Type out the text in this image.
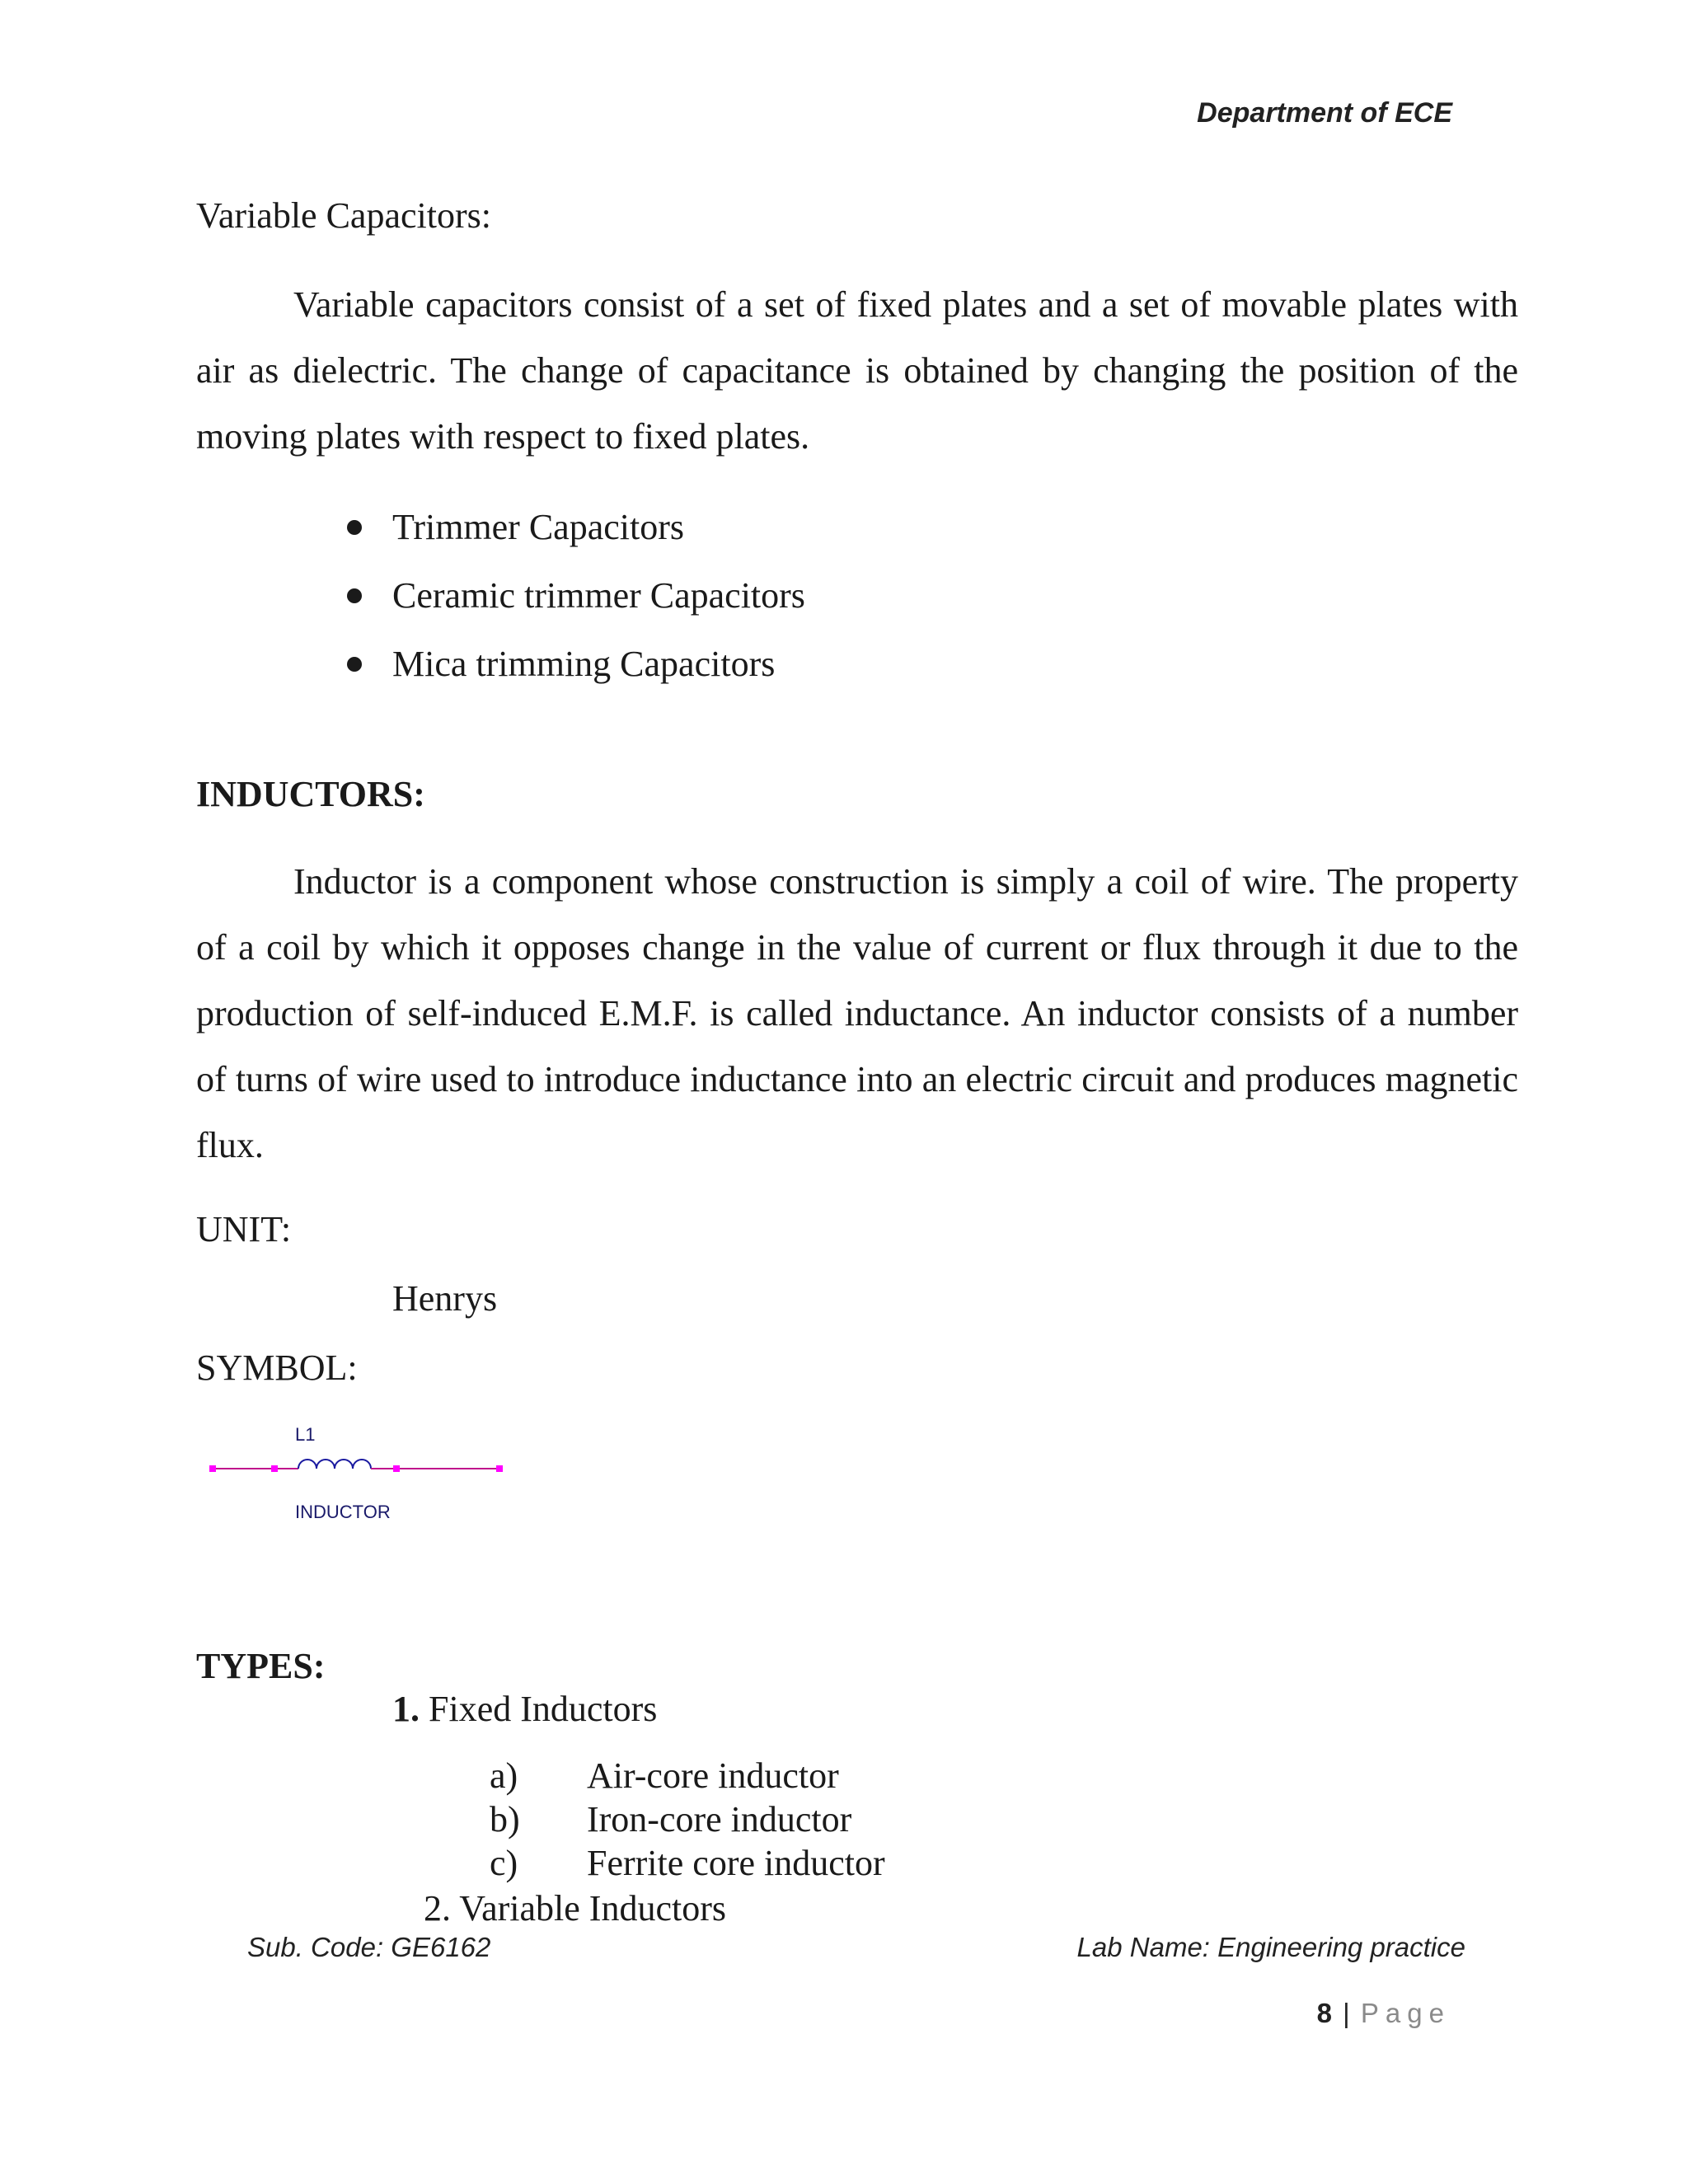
Department of ECE
Variable Capacitors:

Variable capacitors consist of a set of fixed plates and a set of movable plates with air as dielectric. The change of capacitance is obtained by changing the position of the moving plates with respect to fixed plates.

Trimmer Capacitors
Ceramic trimmer Capacitors
Mica trimming Capacitors
INDUCTORS:

Inductor is a component whose construction is simply a coil of wire. The property of a coil by which it opposes change in the value of current or flux through it due to the production of self-induced E.M.F. is called inductance. An inductor consists of a number of turns of wire used to introduce inductance into an electric circuit and produces magnetic flux.

UNIT:
Henrys
SYMBOL:
L1
INDUCTOR
TYPES:
1. Fixed Inductors
a) Air-core inductor
b) Iron-core inductor
c) Ferrite core inductor
2. Variable Inductors
Sub. Code: GE6162	Lab Name: Engineering practice
8 | Page
